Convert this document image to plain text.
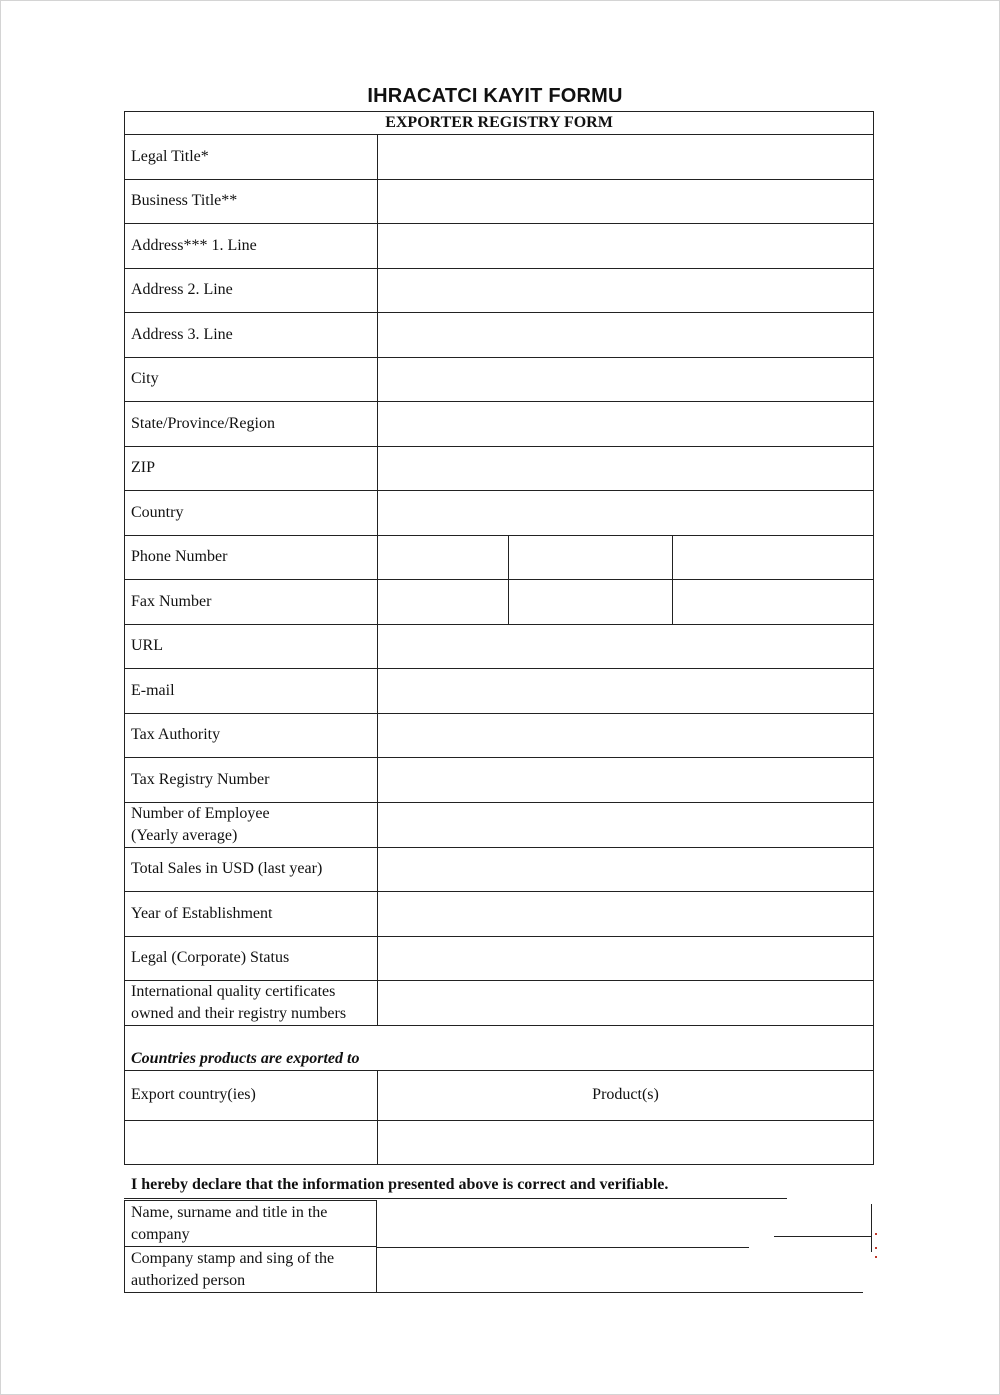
IHRACATCI KAYIT FORMU
EXPORTER REGISTRY FORM			
Legal Title*			
Business Title**			
Address*** 1. Line			
Address 2. Line			
Address 3. Line			
City			
State/Province/Region			
ZIP			
Country			
Phone Number			
Fax Number			
URL			
E-mail			
Tax Authority			
Tax Registry Number			
Number of Employee
(Yearly average)			
Total Sales in USD (last year)			
Year of Establishment			
Legal (Corporate) Status			
International quality certificates
owned and their registry numbers			
Countries products are exported to			
Export country(ies)	Product(s)		

I hereby declare that the information presented above is correct and verifiable.
Name, surname and title in the
company
Company stamp and sing of the
authorized person
